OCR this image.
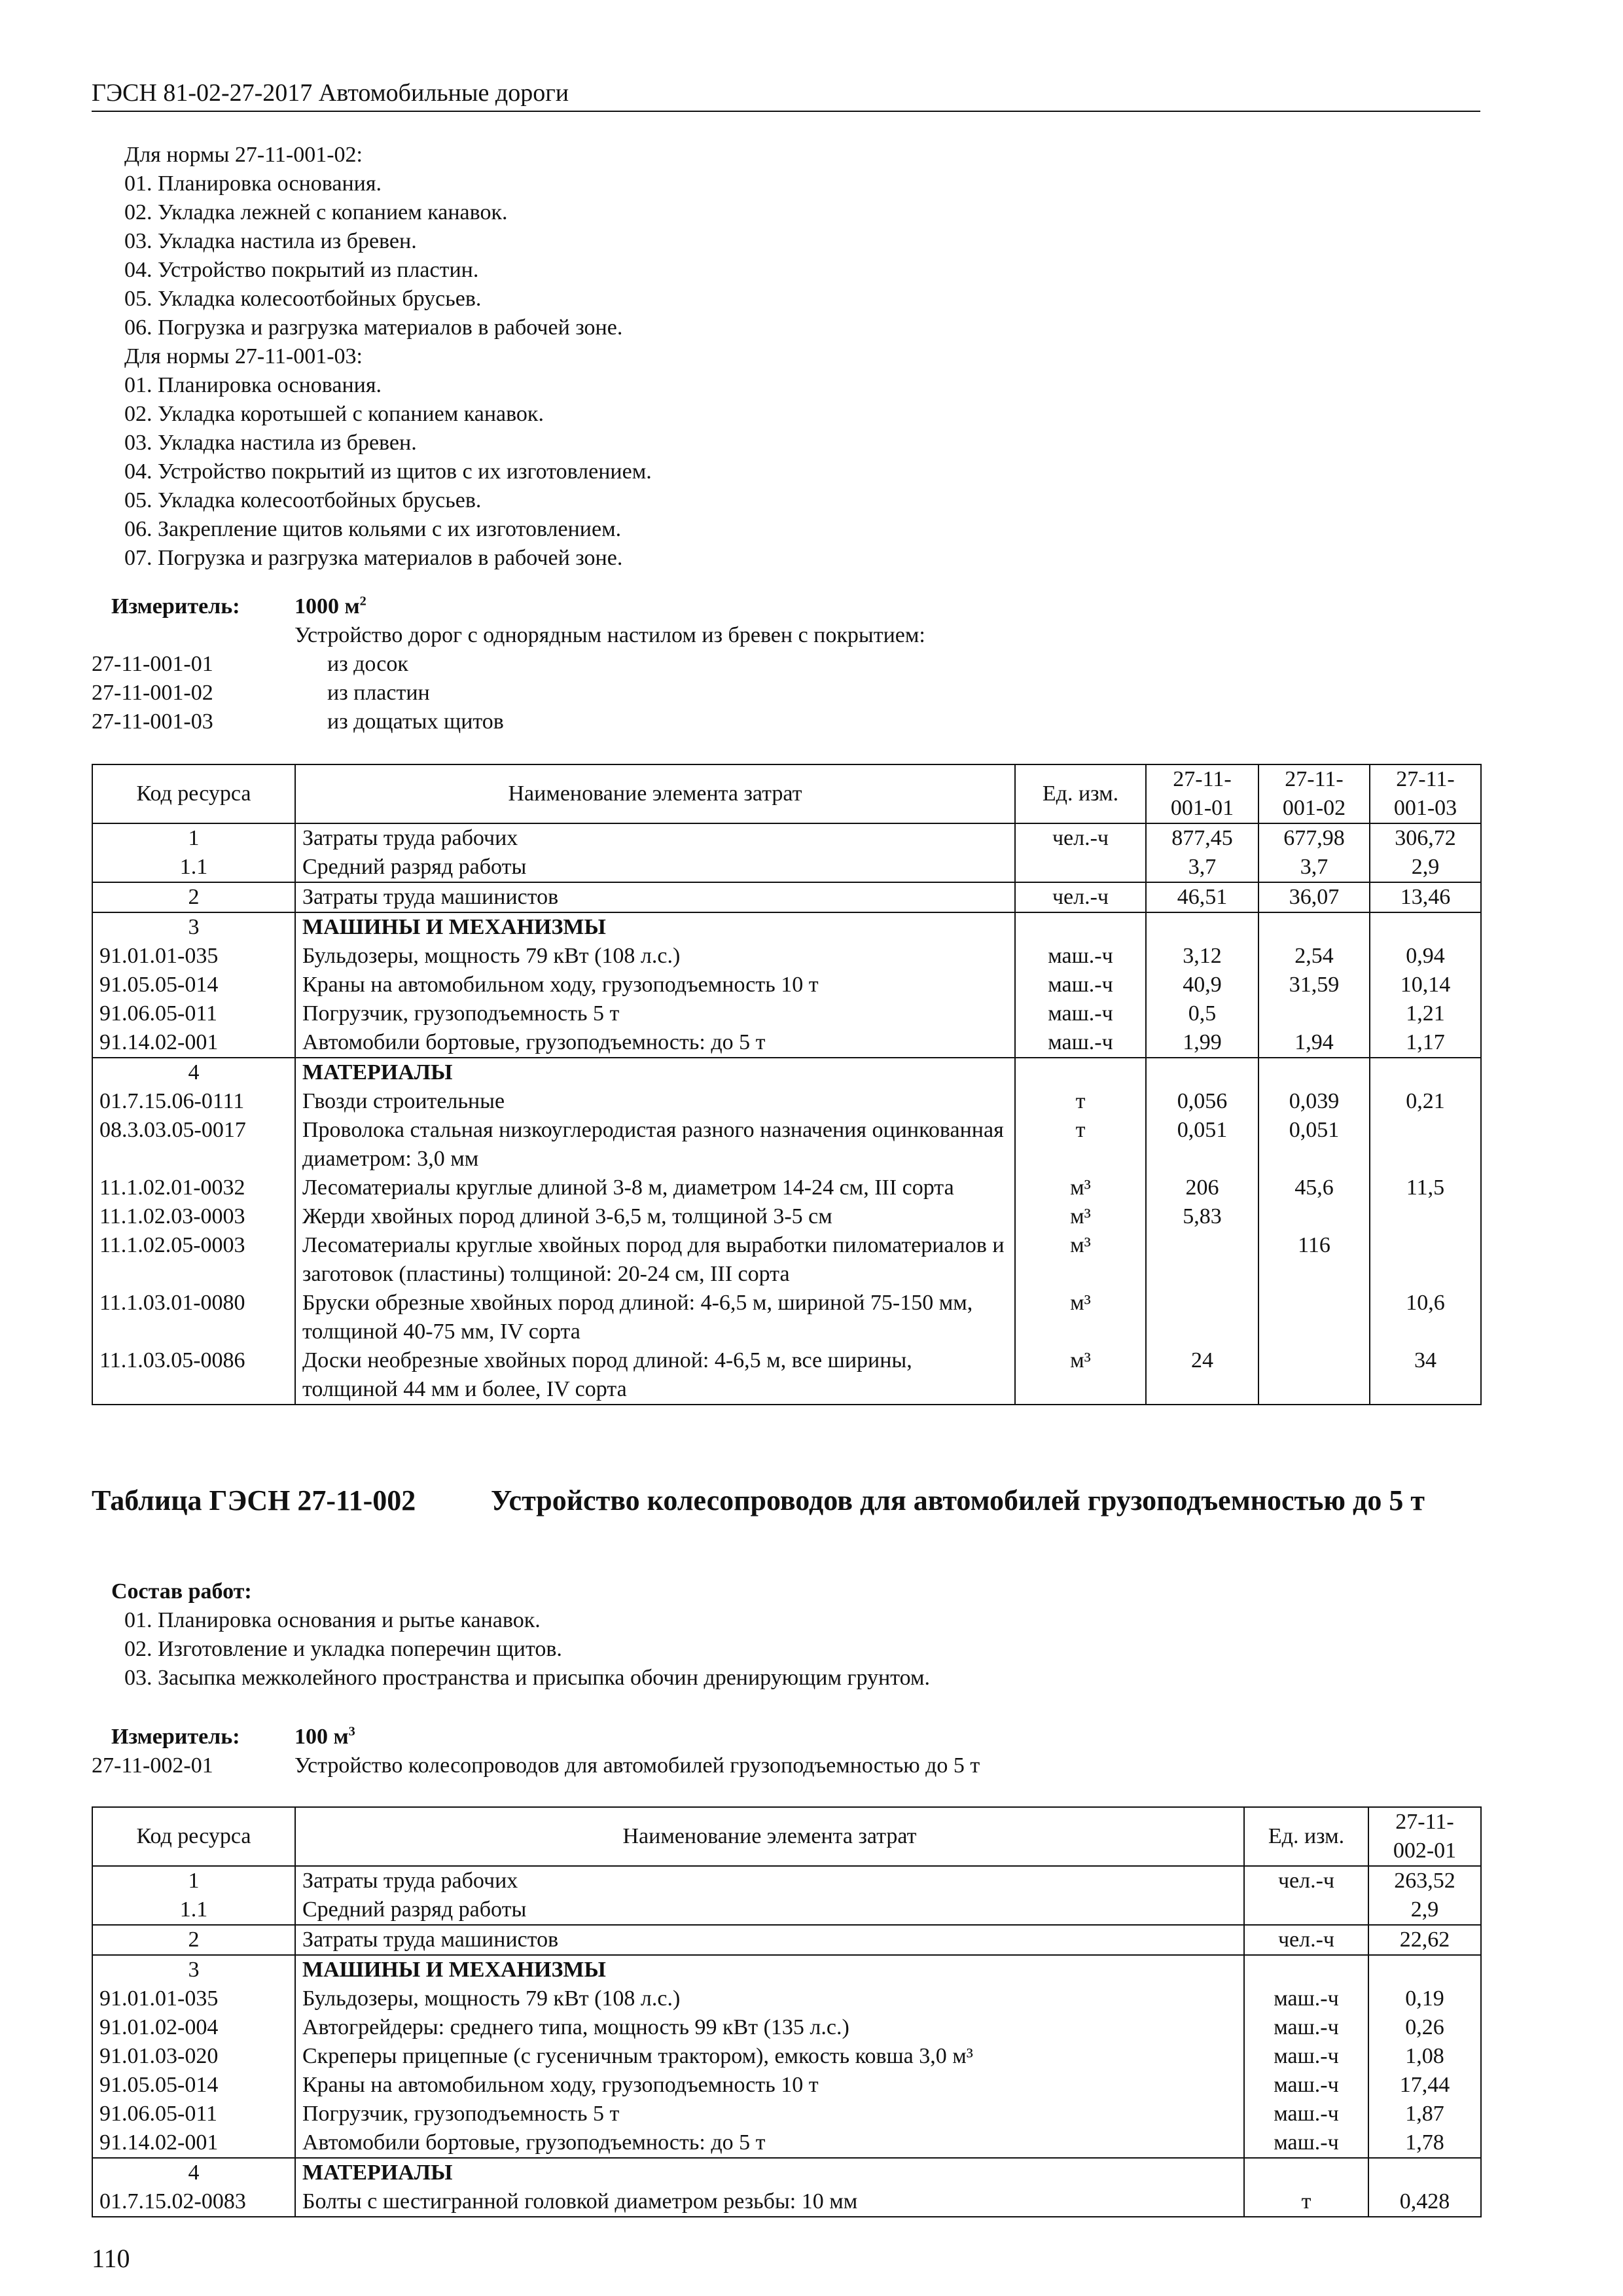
ГЭСН 81-02-27-2017 Автомобильные дороги
Для нормы 27-11-001-02:
01. Планировка основания.
02. Укладка лежней с копанием канавок.
03. Укладка настила из бревен.
04. Устройство покрытий из пластин.
05. Укладка колесоотбойных брусьев.
06. Погрузка и разгрузка материалов в рабочей зоне.
Для нормы 27-11-001-03:
01. Планировка основания.
02. Укладка коротышей с копанием канавок.
03. Укладка настила из бревен.
04. Устройство покрытий из щитов с их изготовлением.
05. Укладка колесоотбойных брусьев.
06. Закрепление щитов кольями с их изготовлением.
07. Погрузка и разгрузка материалов в рабочей зоне.
Измеритель:	1000 $м^2$
Устройство дорог с однорядным настилом из бревен с покрытием:
27-11-001-01	из досок
27-11-001-02	из пластин
27-11-001-03	из дощатых щитов
Код ресурса	Наименование элемента затрат	Ед. изм.	27-11-001-01	27-11-001-02	27-11-001-03
1	Затраты труда рабочих	чел.-ч	877,45	677,98	306,72
1.1	Средний разряд работы		3,7	3,7	2,9
2	Затраты труда машинистов	чел.-ч	46,51	36,07	13,46
3	МАШИНЫ И МЕХАНИЗМЫ				
91.01.01-035	Бульдозеры, мощность 79 кВт (108 л.с.)	маш.-ч	3,12	2,54	0,94
91.05.05-014	Краны на автомобильном ходу, грузоподъемность 10 т	маш.-ч	40,9	31,59	10,14
91.06.05-011	Погрузчик, грузоподъемность 5 т	маш.-ч	0,5		1,21
91.14.02-001	Автомобили бортовые, грузоподъемность: до 5 т	маш.-ч	1,99	1,94	1,17
4	МАТЕРИАЛЫ				
01.7.15.06-0111	Гвозди строительные	т	0,056	0,039	0,21
08.3.03.05-0017	Проволока стальная низкоуглеродистая разного назначения оцинкованная диаметром: 3,0 мм	т	0,051	0,051	
11.1.02.01-0032	Лесоматериалы круглые длиной 3-8 м, диаметром 14-24 см, III сорта	м³	206	45,6	11,5
11.1.02.03-0003	Жерди хвойных пород длиной 3-6,5 м, толщиной 3-5 см	м³	5,83		
11.1.02.05-0003	Лесоматериалы круглые хвойных пород для выработки пиломатериалов и заготовок (пластины) толщиной: 20-24 см, III сорта	м³		116	
11.1.03.01-0080	Бруски обрезные хвойных пород длиной: 4-6,5 м, шириной 75-150 мм, толщиной 40-75 мм, IV сорта	м³			10,6
11.1.03.05-0086	Доски необрезные хвойных пород длиной: 4-6,5 м, все ширины, толщиной 44 мм и более, IV сорта	м³	24		34
Таблица ГЭСН 27-11-002	Устройство колесопроводов для автомобилей грузоподъемностью до 5 т
Состав работ:
01. Планировка основания и рытье канавок.
02. Изготовление и укладка поперечин щитов.
03. Засыпка межколейного пространства и присыпка обочин дренирующим грунтом.
Измеритель:	100 $м^3$
27-11-002-01	Устройство колесопроводов для автомобилей грузоподъемностью до 5 т
Код ресурса	Наименование элемента затрат	Ед. изм.	27-11-002-01
1	Затраты труда рабочих	чел.-ч	263,52
1.1	Средний разряд работы		2,9
2	Затраты труда машинистов	чел.-ч	22,62
3	МАШИНЫ И МЕХАНИЗМЫ		
91.01.01-035	Бульдозеры, мощность 79 кВт (108 л.с.)	маш.-ч	0,19
91.01.02-004	Автогрейдеры: среднего типа, мощность 99 кВт (135 л.с.)	маш.-ч	0,26
91.01.03-020	Скреперы прицепные (с гусеничным трактором), емкость ковша 3,0 м³	маш.-ч	1,08
91.05.05-014	Краны на автомобильном ходу, грузоподъемность 10 т	маш.-ч	17,44
91.06.05-011	Погрузчик, грузоподъемность 5 т	маш.-ч	1,87
91.14.02-001	Автомобили бортовые, грузоподъемность: до 5 т	маш.-ч	1,78
4	МАТЕРИАЛЫ		
01.7.15.02-0083	Болты с шестигранной головкой диаметром резьбы: 10 мм	т	0,428
110
